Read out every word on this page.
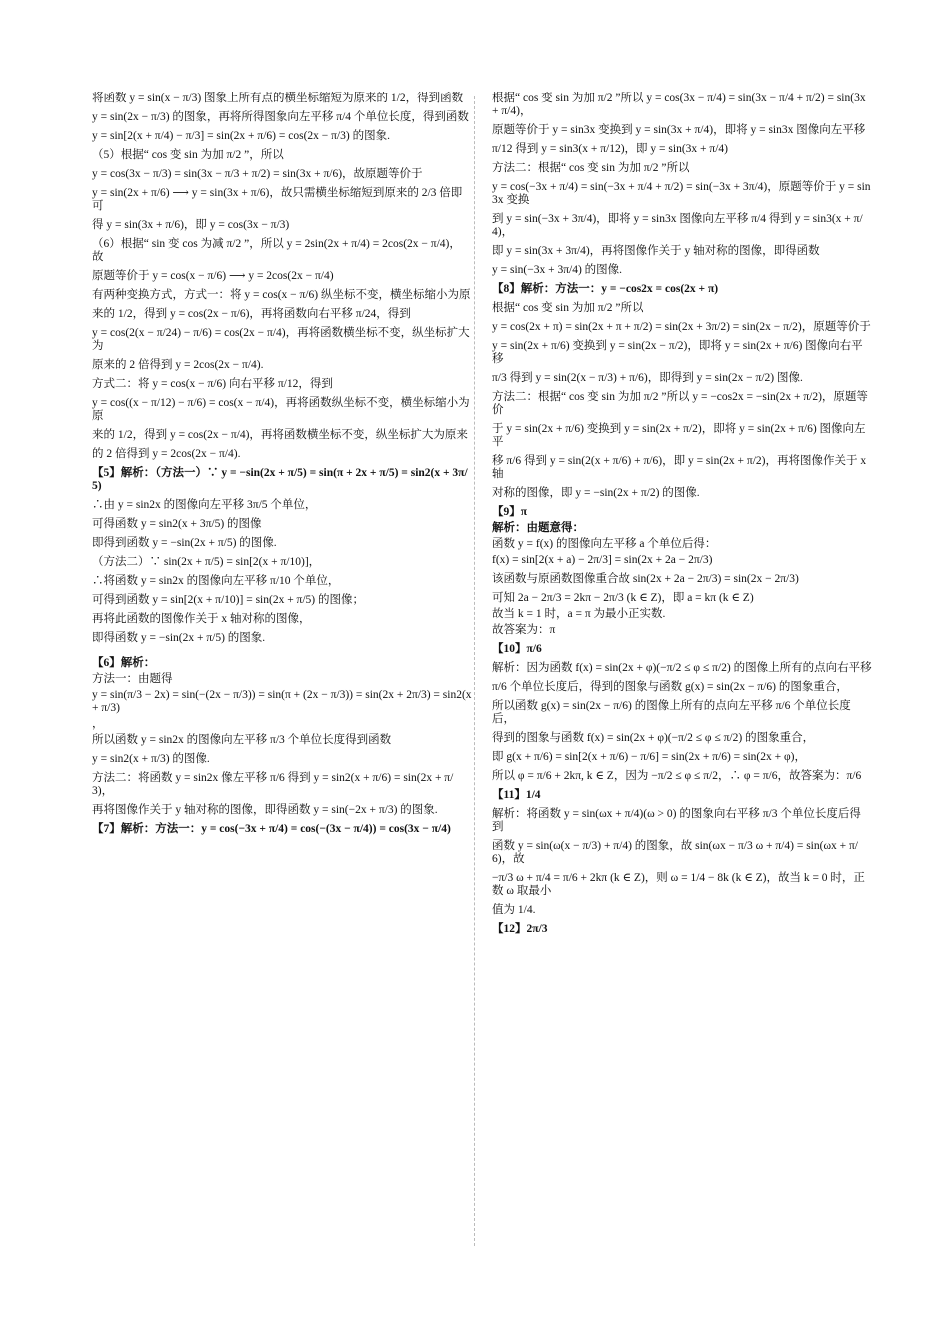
将函数 y = sin(x − π/3) 图象上所有点的横坐标缩短为原来的 1/2，得到函数

y = sin(2x − π/3) 的图象，再将所得图象向左平移 π/4 个单位长度，得到函数

y = sin[2(x + π/4) − π/3] = sin(2x + π/6) = cos(2x − π/3) 的图象.

（5）根据“ cos 变 sin 为加 π/2 ”，所以

y = cos(3x − π/3) = sin(3x − π/3 + π/2) = sin(3x + π/6)，故原题等价于

y = sin(2x + π/6) ⟶ y = sin(3x + π/6)，故只需横坐标缩短到原来的 2/3 倍即可

得 y = sin(3x + π/6)，即 y = cos(3x − π/3)

（6）根据“ sin 变 cos 为减 π/2 ”，所以 y = 2sin(2x + π/4) = 2cos(2x − π/4)，故

原题等价于 y = cos(x − π/6) ⟶ y = 2cos(2x − π/4)

有两种变换方式，方式一：将 y = cos(x − π/6) 纵坐标不变，横坐标缩小为原

来的 1/2，得到 y = cos(2x − π/6)，再将函数向右平移 π/24，得到

y = cos(2(x − π/24) − π/6) = cos(2x − π/4)，再将函数横坐标不变，纵坐标扩大为

原来的 2 倍得到 y = 2cos(2x − π/4).

方式二：将 y = cos(x − π/6) 向右平移 π/12，得到

y = cos((x − π/12) − π/6) = cos(x − π/4)，再将函数纵坐标不变，横坐标缩小为原

来的 1/2，得到 y = cos(2x − π/4)，再将函数横坐标不变，纵坐标扩大为原来

的 2 倍得到 y = 2cos(2x − π/4).

【5】解析：（方法一）∵ y = −sin(2x + π/5) = sin(π + 2x + π/5) = sin2(x + 3π/5)

∴由 y = sin2x 的图像向左平移 3π/5 个单位，

可得函数 y = sin2(x + 3π/5) 的图像

即得到函数 y = −sin(2x + π/5) 的图像.

（方法二）∵ sin(2x + π/5) = sin[2(x + π/10)]，

∴将函数 y = sin2x 的图像向左平移 π/10 个单位，

可得到函数 y = sin[2(x + π/10)] = sin(2x + π/5) 的图像；

再将此函数的图像作关于 x 轴对称的图像，

即得函数 y = −sin(2x + π/5) 的图象.

【6】解析：

方法一：由题得

y = sin(π/3 − 2x) = sin(−(2x − π/3)) = sin(π + (2x − π/3)) = sin(2x + 2π/3) = sin2(x + π/3)

，

所以函数 y = sin2x 的图像向左平移 π/3 个单位长度得到函数

y = sin2(x + π/3) 的图像.

方法二：将函数 y = sin2x 像左平移 π/6 得到 y = sin2(x + π/6) = sin(2x + π/3)，

再将图像作关于 y 轴对称的图像，即得函数 y = sin(−2x + π/3) 的图象.

【7】解析：方法一：y = cos(−3x + π/4) = cos(−(3x − π/4)) = cos(3x − π/4)

根据“ cos 变 sin 为加 π/2 ”所以 y = cos(3x − π/4) = sin(3x − π/4 + π/2) = sin(3x + π/4)，

原题等价于 y = sin3x 变换到 y = sin(3x + π/4)，即将 y = sin3x 图像向左平移

π/12 得到 y = sin3(x + π/12)，即 y = sin(3x + π/4)

方法二：根据“ cos 变 sin 为加 π/2 ”所以

y = cos(−3x + π/4) = sin(−3x + π/4 + π/2) = sin(−3x + 3π/4)，原题等价于 y = sin3x 变换

到 y = sin(−3x + 3π/4)，即将 y = sin3x 图像向左平移 π/4 得到 y = sin3(x + π/4)，

即 y = sin(3x + 3π/4)，再将图像作关于 y 轴对称的图像，即得函数

y = sin(−3x + 3π/4) 的图像.

【8】解析：方法一：y = −cos2x = cos(2x + π)

根据“ cos 变 sin 为加 π/2 ”所以

y = cos(2x + π) = sin(2x + π + π/2) = sin(2x + 3π/2) = sin(2x − π/2)，原题等价于

y = sin(2x + π/6) 变换到 y = sin(2x − π/2)，即将 y = sin(2x + π/6) 图像向右平移

π/3 得到 y = sin(2(x − π/3) + π/6)，即得到 y = sin(2x − π/2) 图像.

方法二：根据“ cos 变 sin 为加 π/2 ”所以 y = −cos2x = −sin(2x + π/2)，原题等价

于 y = sin(2x + π/6) 变换到 y = sin(2x + π/2)，即将 y = sin(2x + π/6) 图像向左平

移 π/6 得到 y = sin(2(x + π/6) + π/6)，即 y = sin(2x + π/2)，再将图像作关于 x 轴

对称的图像，即 y = −sin(2x + π/2) 的图像.

【9】π

解析：由题意得：

函数 y = f(x) 的图像向左平移 a 个单位后得：

f(x) = sin[2(x + a) − 2π/3] = sin(2x + 2a − 2π/3)

该函数与原函数图像重合故 sin(2x + 2a − 2π/3) = sin(2x − 2π/3)

可知 2a − 2π/3 = 2kπ − 2π/3 (k ∈ Z)，即 a = kπ (k ∈ Z)

故当 k = 1 时，a = π 为最小正实数.

故答案为：π

【10】π/6

解析：因为函数 f(x) = sin(2x + φ)(−π/2 ≤ φ ≤ π/2) 的图像上所有的点向右平移

π/6 个单位长度后，得到的图象与函数 g(x) = sin(2x − π/6) 的图象重合，

所以函数 g(x) = sin(2x − π/6) 的图像上所有的点向左平移 π/6 个单位长度后，

得到的图象与函数 f(x) = sin(2x + φ)(−π/2 ≤ φ ≤ π/2) 的图象重合，

即 g(x + π/6) = sin[2(x + π/6) − π/6] = sin(2x + π/6) = sin(2x + φ)，

所以 φ = π/6 + 2kπ, k ∈ Z，因为 −π/2 ≤ φ ≤ π/2，∴ φ = π/6，故答案为：π/6

【11】1/4

解析：将函数 y = sin(ωx + π/4)(ω > 0) 的图象向右平移 π/3 个单位长度后得到

函数 y = sin(ω(x − π/3) + π/4) 的图象，故 sin(ωx − π/3 ω + π/4) = sin(ωx + π/6)，故

−π/3 ω + π/4 = π/6 + 2kπ (k ∈ Z)，则 ω = 1/4 − 8k (k ∈ Z)，故当 k = 0 时，正数 ω 取最小

值为 1/4.

【12】2π/3
